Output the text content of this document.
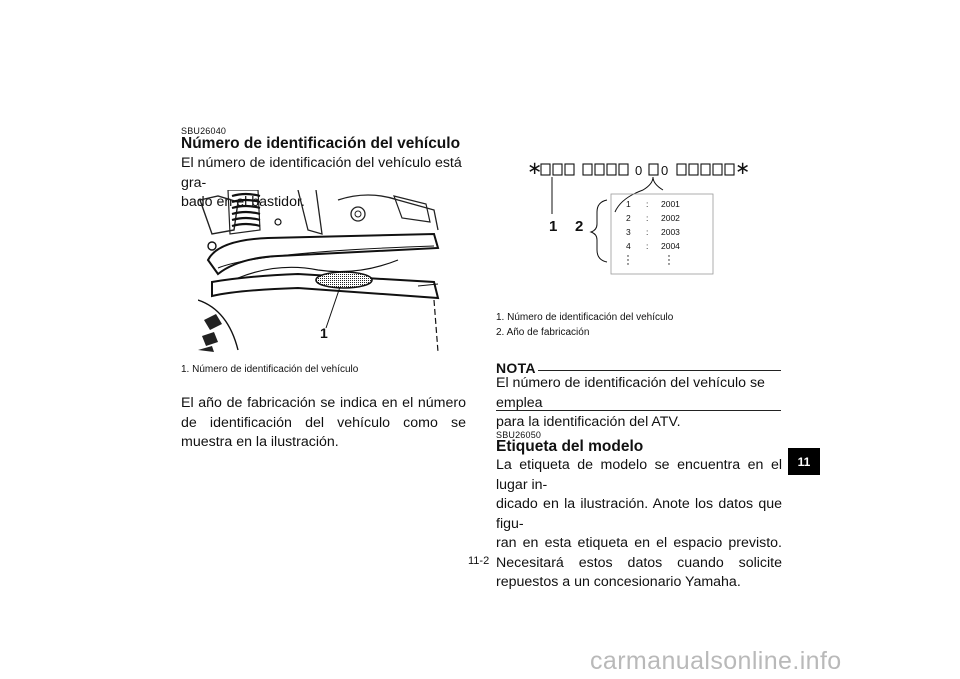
SBU26040
Número de identificación del vehículo
El número de identificación del vehículo está gra-
bado en el bastidor.
1
1. Número de identificación del vehículo
El año de fabricación se indica en el número de identificación del vehículo como se muestra en la ilustración.
∗	∗
0 0
1 2
1 : 2001
2 : 2002
3 : 2003
4 : 2004
1. Número de identificación del vehículo
2. Año de fabricación
NOTA
El número de identificación del vehículo se emplea
para la identificación del ATV.
SBU26050
Etiqueta del modelo
La etiqueta de modelo se encuentra en el lugar in-
dicado en la ilustración. Anote los datos que figu-
ran en esta etiqueta en el espacio previsto. Necesitará estos datos cuando solicite repuestos a un concesionario Yamaha.
11
11-2
carmanualsonline.info
